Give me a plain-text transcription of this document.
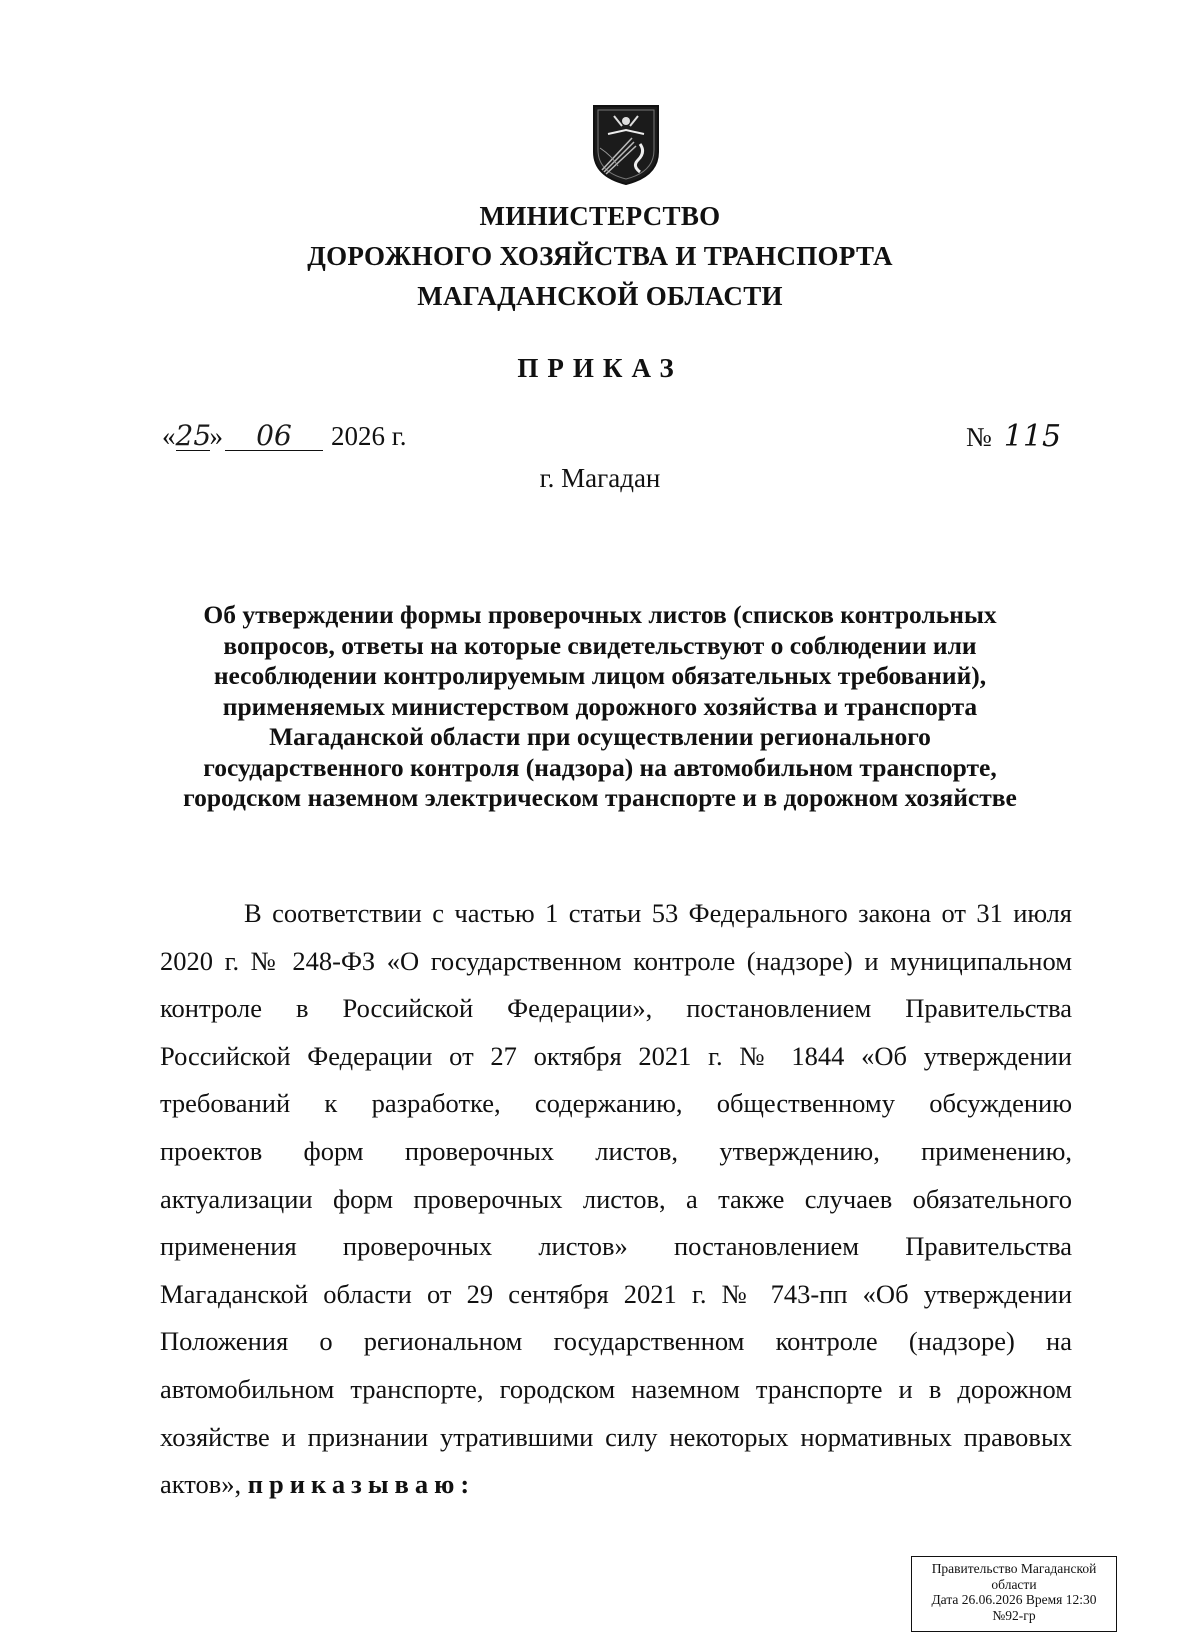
МИНИСТЕРСТВО
ДОРОЖНОГО ХОЗЯЙСТВА И ТРАНСПОРТА
МАГАДАНСКОЙ ОБЛАСТИ
ПРИКАЗ
«25» 06 2026 г.	№ 115
г. Магадан
Об утверждении формы проверочных листов (списков контрольных
вопросов, ответы на которые свидетельствуют о соблюдении или
несоблюдении контролируемым лицом обязательных требований),
применяемых министерством дорожного хозяйства и транспорта
Магаданской области при осуществлении регионального
государственного контроля (надзора) на автомобильном транспорте,
городском наземном электрическом транспорте и в дорожном хозяйстве
В соответствии с частью 1 статьи 53 Федерального закона от 31 июля
2020 г. № 248-ФЗ «О государственном контроле (надзоре) и муниципальном
контроле в Российской Федерации», постановлением Правительства
Российской Федерации от 27 октября 2021 г. № 1844 «Об утверждении
требований к разработке, содержанию, общественному обсуждению
проектов форм проверочных листов, утверждению, применению,
актуализации форм проверочных листов, а также случаев обязательного
применения проверочных листов» постановлением Правительства
Магаданской области от 29 сентября 2021 г. № 743-пп «Об утверждении
Положения о региональном государственном контроле (надзоре) на
автомобильном транспорте, городском наземном транспорте и в дорожном
хозяйстве и признании утратившими силу некоторых нормативных правовых
актов», приказываю:
Правительство Магаданской
области
Дата 26.06.2026 Время 12:30
№92-гр
